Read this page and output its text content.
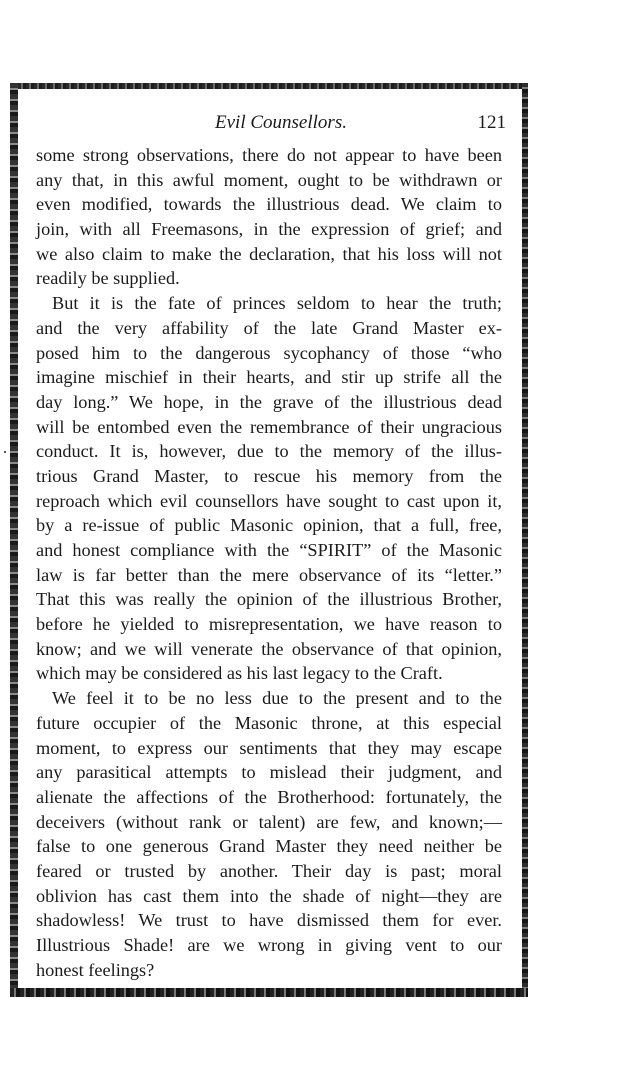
Evil Counsellors.	121
some strong observations, there do not appear to have been
any that, in this awful moment, ought to be withdrawn or
even modified, towards the illustrious dead. We claim to
join, with all Freemasons, in the expression of grief; and
we also claim to make the declaration, that his loss will not
readily be supplied.
But it is the fate of princes seldom to hear the truth;
and the very affability of the late Grand Master ex-
posed him to the dangerous sycophancy of those “who
imagine mischief in their hearts, and stir up strife all the
day long.” We hope, in the grave of the illustrious dead
will be entombed even the remembrance of their ungracious
conduct. It is, however, due to the memory of the illus-
trious Grand Master, to rescue his memory from the
reproach which evil counsellors have sought to cast upon it,
by a re-issue of public Masonic opinion, that a full, free,
and honest compliance with the “SPIRIT” of the Masonic
law is far better than the mere observance of its “letter.”
That this was really the opinion of the illustrious Brother,
before he yielded to misrepresentation, we have reason to
know; and we will venerate the observance of that opinion,
which may be considered as his last legacy to the Craft.
We feel it to be no less due to the present and to the
future occupier of the Masonic throne, at this especial
moment, to express our sentiments that they may escape
any parasitical attempts to mislead their judgment, and
alienate the affections of the Brotherhood: fortunately, the
deceivers (without rank or talent) are few, and known;—
false to one generous Grand Master they need neither be
feared or trusted by another. Their day is past; moral
oblivion has cast them into the shade of night—they are
shadowless! We trust to have dismissed them for ever.
Illustrious Shade! are we wrong in giving vent to our
honest feelings?
